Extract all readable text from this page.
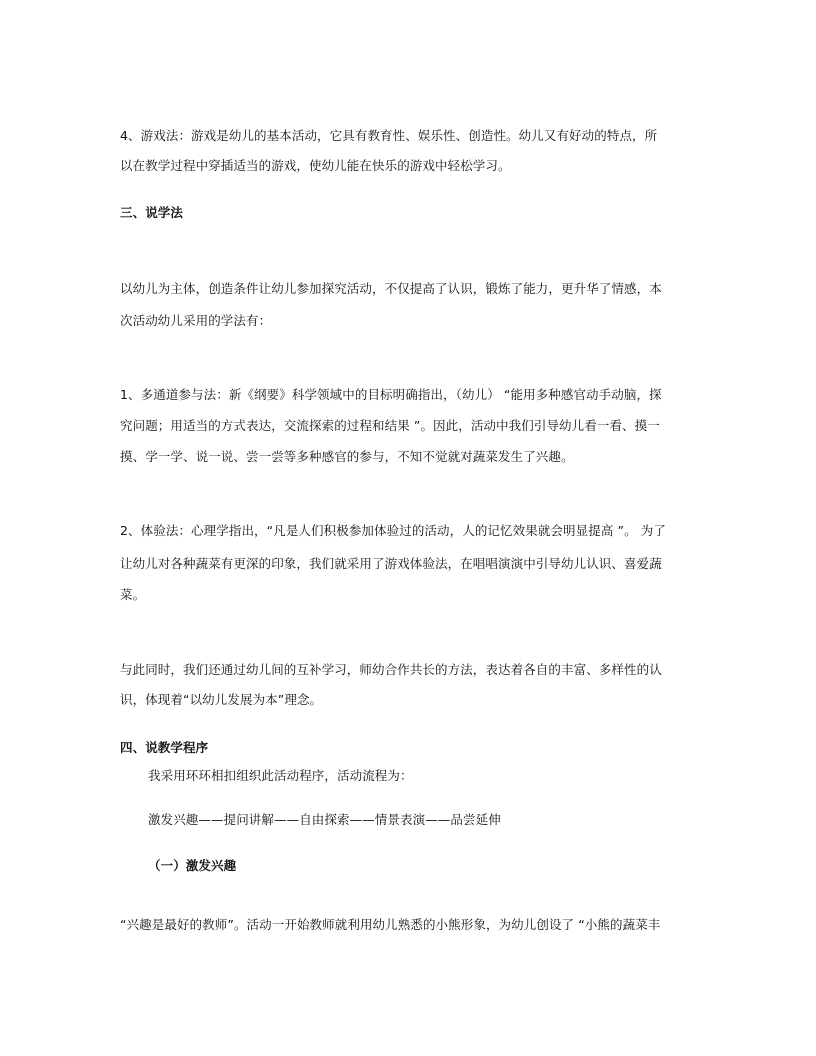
4、游戏法：游戏是幼儿的基本活动，它具有教育性、娱乐性、创造性。幼儿又有好动的特点，所
以在教学过程中穿插适当的游戏，使幼儿能在快乐的游戏中轻松学习。
三、说学法
以幼儿为主体，创造条件让幼儿参加探究活动，不仅提高了认识，锻炼了能力，更升华了情感，本
次活动幼儿采用的学法有：
1、多通道参与法：新《纲要》科学领域中的目标明确指出，（幼儿） “能用多种感官动手动脑，探
究问题；用适当的方式表达，交流探索的过程和结果 ”。因此，活动中我们引导幼儿看一看、摸一
摸、学一学、说一说、尝一尝等多种感官的参与，不知不觉就对蔬菜发生了兴趣。
2、体验法：心理学指出，“凡是人们积极参加体验过的活动，人的记忆效果就会明显提高 ”。 为了
让幼儿对各种蔬菜有更深的印象，我们就采用了游戏体验法，在唱唱演演中引导幼儿认识、喜爱蔬
菜。
与此同时，我们还通过幼儿间的互补学习，师幼合作共长的方法，表达着各自的丰富、多样性的认
识，体现着“以幼儿发展为本”理念。
四、说教学程序
我采用环环相扣组织此活动程序，活动流程为：
激发兴趣——提问讲解——自由探索——情景表演——品尝延伸
（一）激发兴趣
“兴趣是最好的教师”。活动一开始教师就利用幼儿熟悉的小熊形象，为幼儿创设了 “小熊的蔬菜丰
